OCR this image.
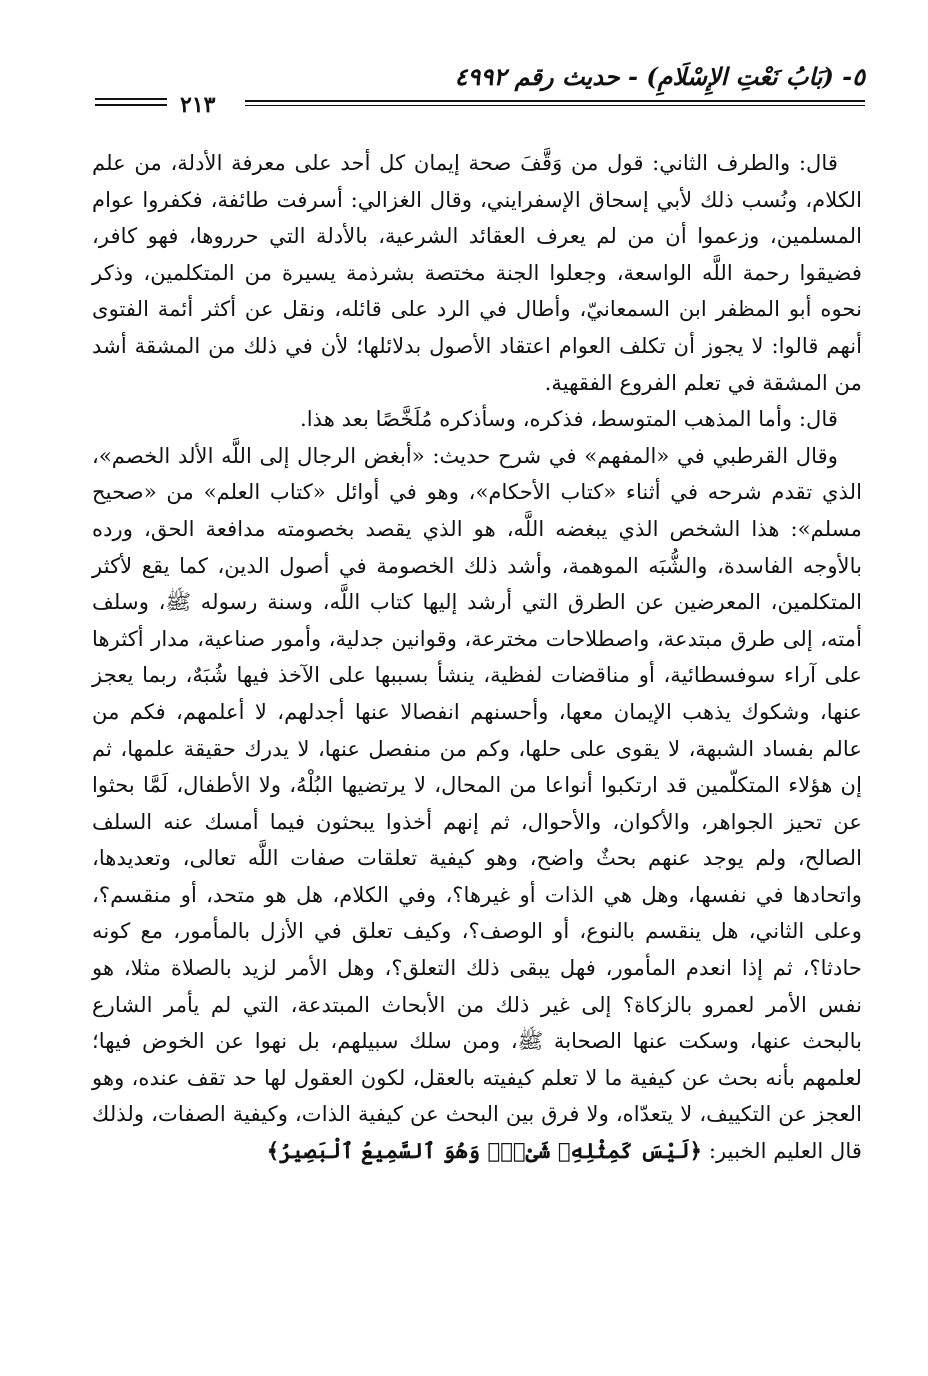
٥- (بَابُ نَعْتِ الإِسْلَامِ) - حديث رقم ٤٩٩٢
٢١٣

قال: والطرف الثاني: قول من وَقَّفَ صحة إيمان كل أحد على معرفة الأدلة، من علم الكلام، ونُسب ذلك لأبي إسحاق الإسفرايني، وقال الغزالي: أسرفت طائفة، فكفروا عوام المسلمين، وزعموا أن من لم يعرف العقائد الشرعية، بالأدلة التي حرروها، فهو كافر، فضيقوا رحمة اللَّه الواسعة، وجعلوا الجنة مختصة بشرذمة يسيرة من المتكلمين، وذكر نحوه أبو المظفر ابن السمعانيّ، وأطال في الرد على قائله، ونقل عن أكثر أئمة الفتوى أنهم قالوا: لا يجوز أن تكلف العوام اعتقاد الأصول بدلائلها؛ لأن في ذلك من المشقة أشد من المشقة في تعلم الفروع الفقهية.

قال: وأما المذهب المتوسط، فذكره، وسأذكره مُلَخَّصًا بعد هذا.

وقال القرطبي في «المفهم» في شرح حديث: «أبغض الرجال إلى اللَّه الألد الخصم»، الذي تقدم شرحه في أثناء «كتاب الأحكام»، وهو في أوائل «كتاب العلم» من «صحيح مسلم»: هذا الشخص الذي يبغضه اللَّه، هو الذي يقصد بخصومته مدافعة الحق، ورده بالأوجه الفاسدة، والشُّبَه الموهمة، وأشد ذلك الخصومة في أصول الدين، كما يقع لأكثر المتكلمين، المعرضين عن الطرق التي أرشد إليها كتاب اللَّه، وسنة رسوله ﷺ، وسلف أمته، إلى طرق مبتدعة، واصطلاحات مخترعة، وقوانين جدلية، وأمور صناعية، مدار أكثرها على آراء سوفسطائية، أو مناقضات لفظية، ينشأ بسببها على الآخذ فيها شُبَهٌ، ربما يعجز عنها، وشكوك يذهب الإيمان معها، وأحسنهم انفصالا عنها أجدلهم، لا أعلمهم، فكم من عالم بفساد الشبهة، لا يقوى على حلها، وكم من منفصل عنها، لا يدرك حقيقة علمها، ثم إن هؤلاء المتكلّمين قد ارتكبوا أنواعا من المحال، لا يرتضيها البُلْهُ، ولا الأطفال، لَمَّا بحثوا عن تحيز الجواهر، والأكوان، والأحوال، ثم إنهم أخذوا يبحثون فيما أمسك عنه السلف الصالح، ولم يوجد عنهم بحثٌ واضح، وهو كيفية تعلقات صفات اللَّه تعالى، وتعديدها، واتحادها في نفسها، وهل هي الذات أو غيرها؟، وفي الكلام، هل هو متحد، أو منقسم؟، وعلى الثاني، هل ينقسم بالنوع، أو الوصف؟، وكيف تعلق في الأزل بالمأمور، مع كونه حادثا؟، ثم إذا انعدم المأمور، فهل يبقى ذلك التعلق؟، وهل الأمر لزيد بالصلاة مثلا، هو نفس الأمر لعمرو بالزكاة؟ إلى غير ذلك من الأبحاث المبتدعة، التي لم يأمر الشارع بالبحث عنها، وسكت عنها الصحابة ﷺ، ومن سلك سبيلهم، بل نهوا عن الخوض فيها؛ لعلمهم بأنه بحث عن كيفية ما لا تعلم كيفيته بالعقل، لكون العقول لها حد تقف عنده، وهو العجز عن التكييف، لا يتعدّاه، ولا فرق بين البحث عن كيفية الذات، وكيفية الصفات، ولذلك قال العليم الخبير: ﴿لَيْسَ كَمِثْلِهِۦ شَىْءٌۖ وَهُوَ ٱلسَّمِيعُ ٱلْبَصِيرُ﴾
